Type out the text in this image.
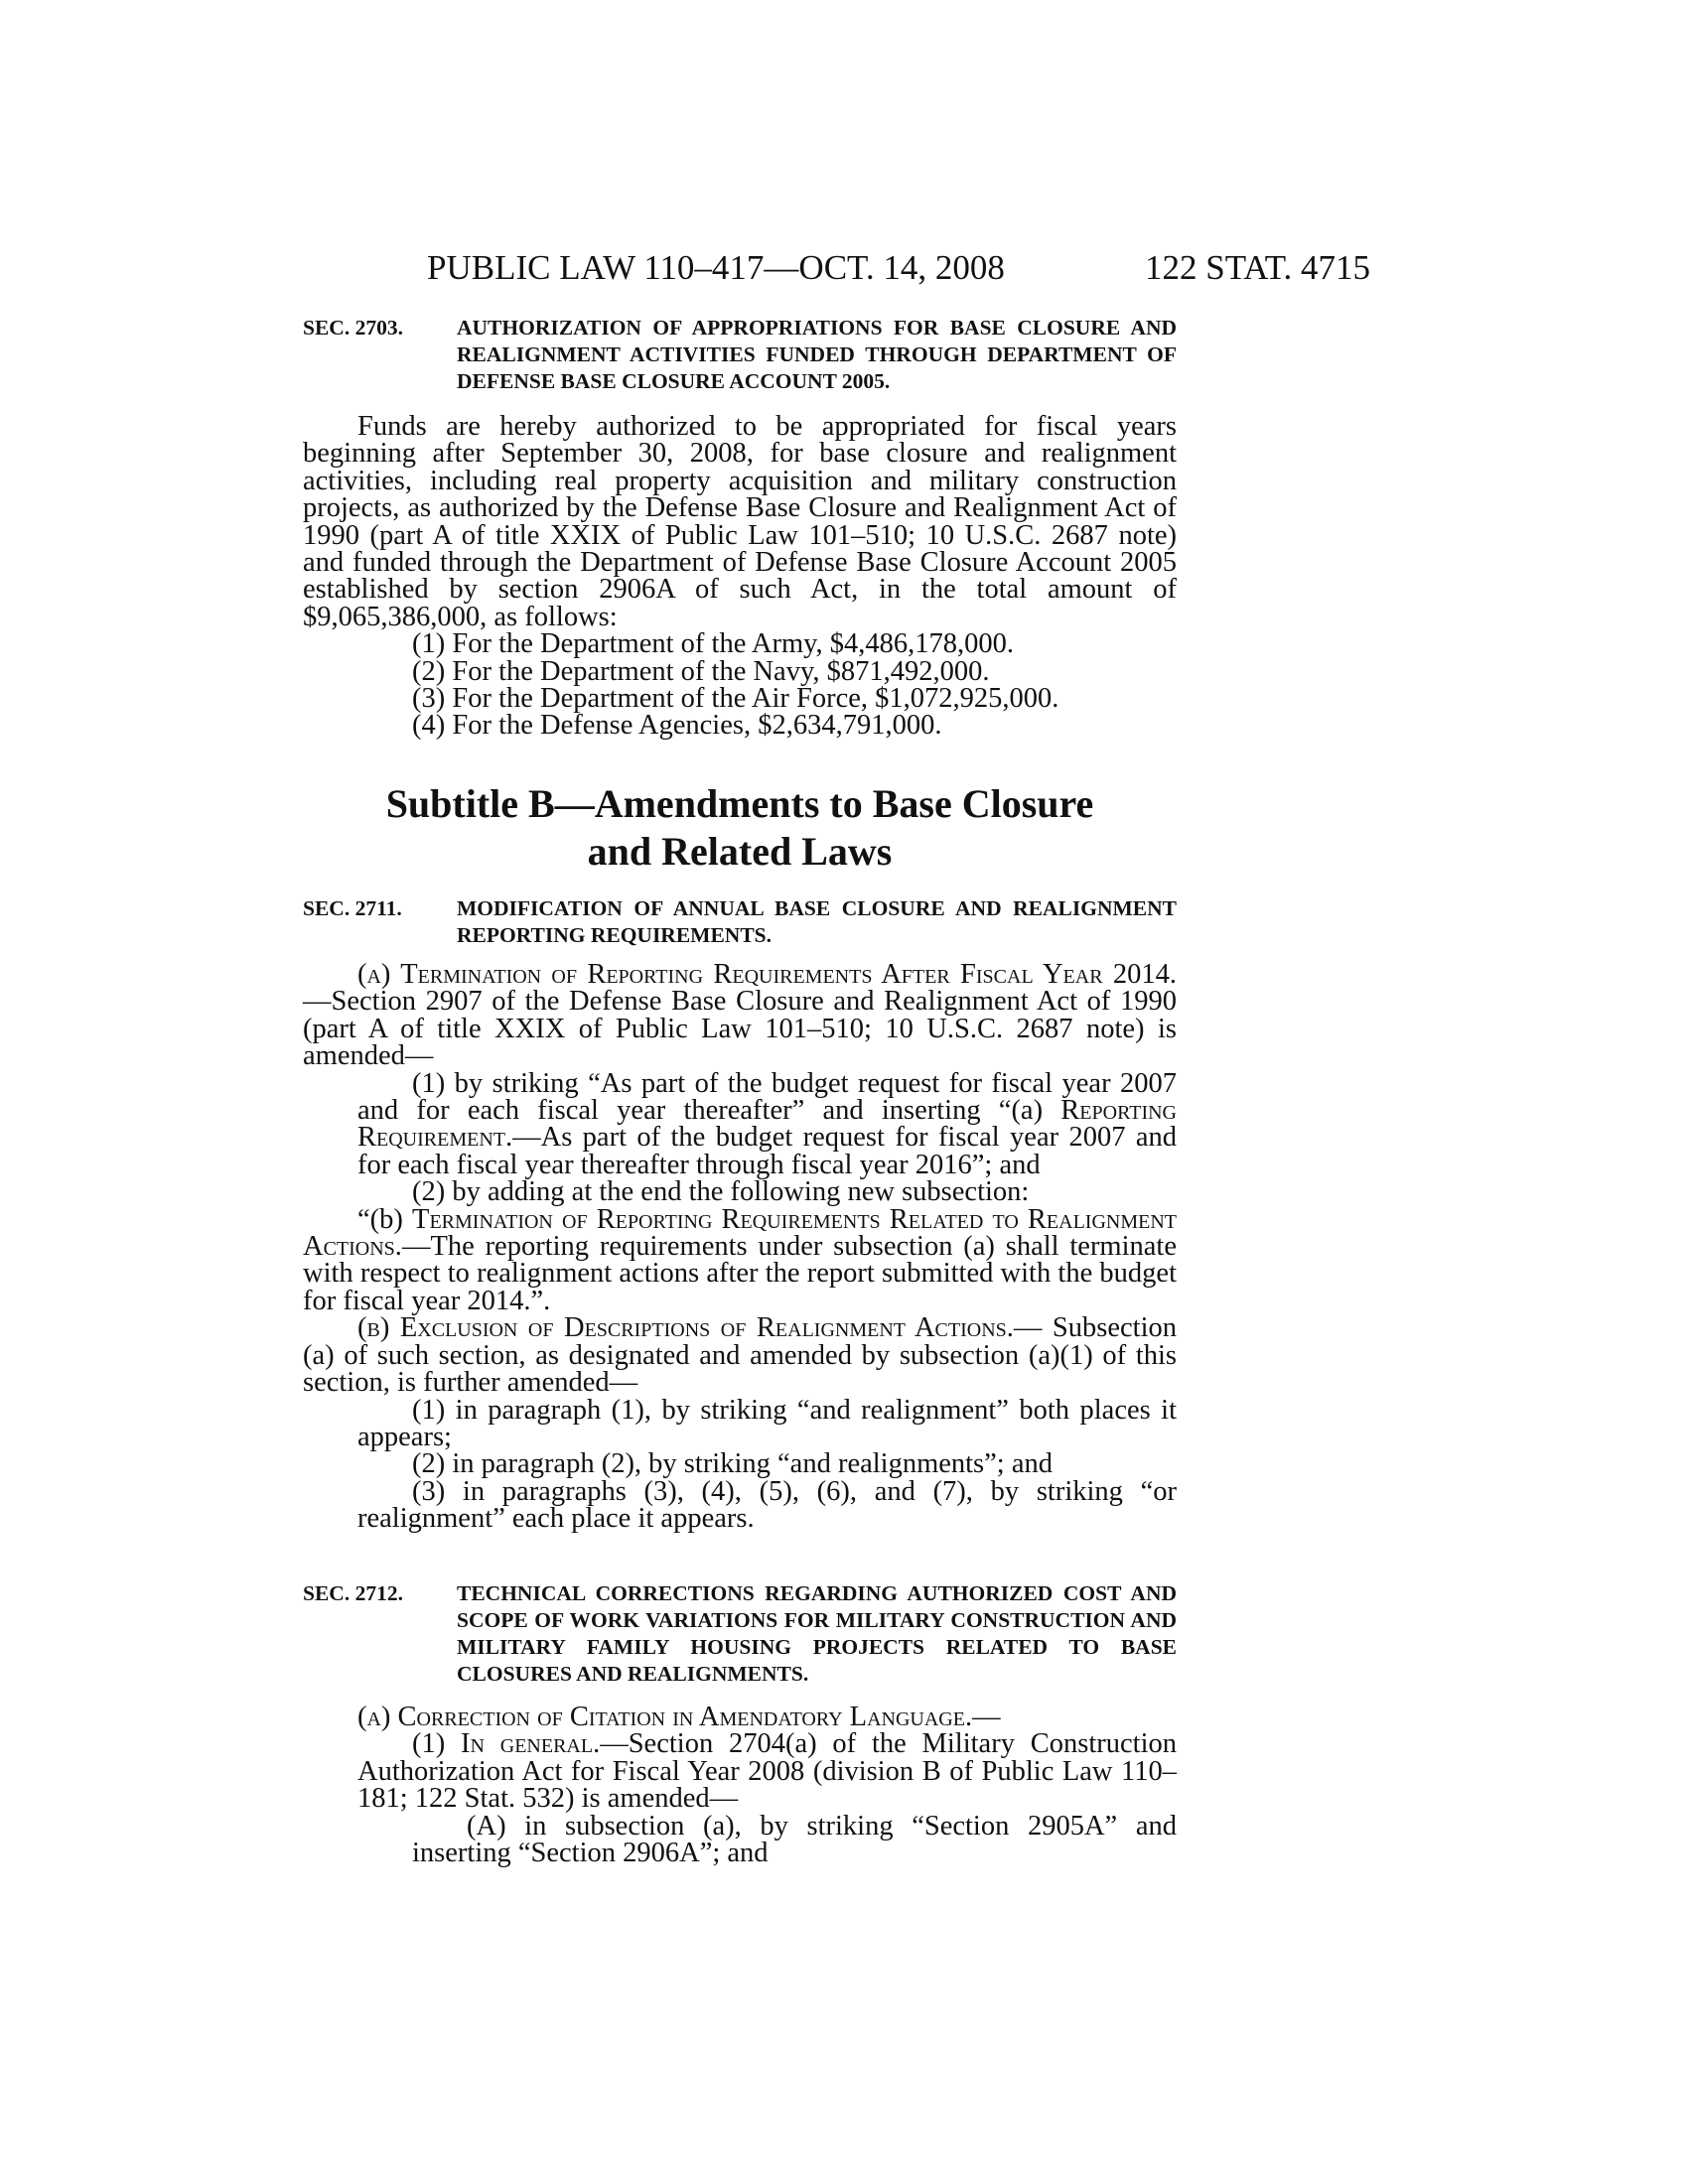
PUBLIC LAW 110–417—OCT. 14, 2008	122 STAT. 4715
SEC. 2703.	AUTHORIZATION OF APPROPRIATIONS FOR BASE CLOSURE AND REALIGNMENT ACTIVITIES FUNDED THROUGH DEPARTMENT OF DEFENSE BASE CLOSURE ACCOUNT 2005.

Funds are hereby authorized to be appropriated for fiscal years beginning after September 30, 2008, for base closure and realignment activities, including real property acquisition and military construction projects, as authorized by the Defense Base Closure and Realignment Act of 1990 (part A of title XXIX of Public Law 101–510; 10 U.S.C. 2687 note) and funded through the Department of Defense Base Closure Account 2005 established by section 2906A of such Act, in the total amount of $9,065,386,000, as follows:

(1) For the Department of the Army, $4,486,178,000.

(2) For the Department of the Navy, $871,492,000.

(3) For the Department of the Air Force, $1,072,925,000.

(4) For the Defense Agencies, $2,634,791,000.

Subtitle B—Amendments to Base Closure
and Related Laws
SEC. 2711.	MODIFICATION OF ANNUAL BASE CLOSURE AND REALIGNMENT REPORTING REQUIREMENTS.

(a) Termination of Reporting Requirements After Fiscal Year 2014.—Section 2907 of the Defense Base Closure and Realignment Act of 1990 (part A of title XXIX of Public Law 101–510; 10 U.S.C. 2687 note) is amended—

(1) by striking “As part of the budget request for fiscal year 2007 and for each fiscal year thereafter” and inserting “(a) Reporting Requirement.—As part of the budget request for fiscal year 2007 and for each fiscal year thereafter through fiscal year 2016”; and

(2) by adding at the end the following new subsection:

“(b) Termination of Reporting Requirements Related to Realignment Actions.—The reporting requirements under subsection (a) shall terminate with respect to realignment actions after the report submitted with the budget for fiscal year 2014.”.

(b) Exclusion of Descriptions of Realignment Actions.— Subsection (a) of such section, as designated and amended by subsection (a)(1) of this section, is further amended—

(1) in paragraph (1), by striking “and realignment” both places it appears;

(2) in paragraph (2), by striking “and realignments”; and

(3) in paragraphs (3), (4), (5), (6), and (7), by striking “or realignment” each place it appears.

SEC. 2712.	TECHNICAL CORRECTIONS REGARDING AUTHORIZED COST AND SCOPE OF WORK VARIATIONS FOR MILITARY CONSTRUCTION AND MILITARY FAMILY HOUSING PROJECTS RELATED TO BASE CLOSURES AND REALIGNMENTS.

(a) Correction of Citation in Amendatory Language.—

(1) In general.—Section 2704(a) of the Military Construction Authorization Act for Fiscal Year 2008 (division B of Public Law 110–181; 122 Stat. 532) is amended—

(A) in subsection (a), by striking “Section 2905A” and inserting “Section 2906A”; and
